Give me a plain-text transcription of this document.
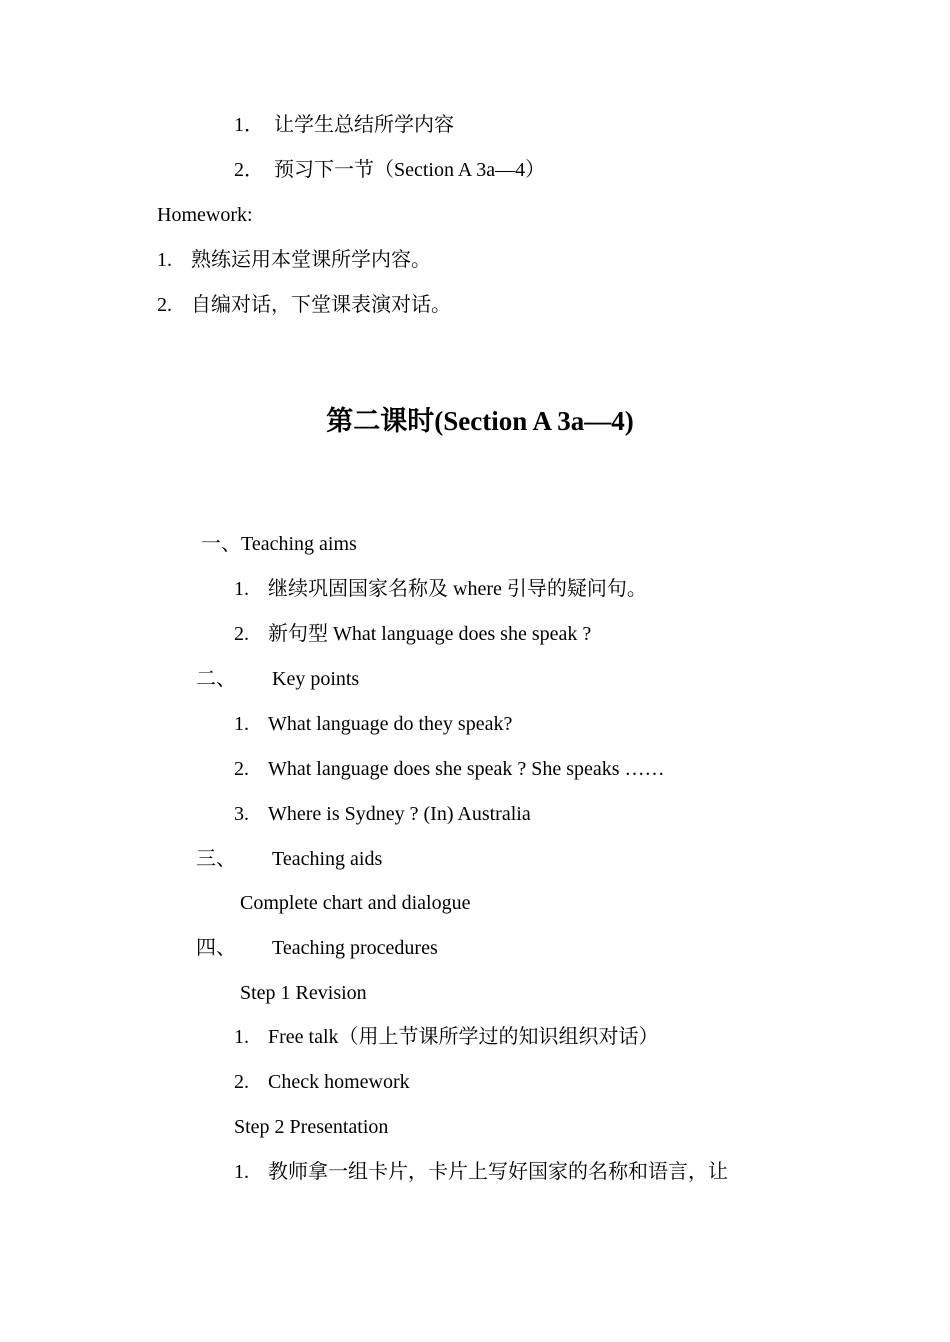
1． 让学生总结所学内容
2． 预习下一节（Section A 3a—4）
Homework:
1. 熟练运用本堂课所学内容。
2. 自编对话，下堂课表演对话。
第二课时(Section A 3a—4)
一、Teaching aims
1. 继续巩固国家名称及 where 引导的疑问句。
2. 新句型 What language does she speak ?
二、 Key points
1. What language do they speak?
2. What language does she speak ? She speaks ……
3. Where is Sydney ? (In) Australia
三、 Teaching aids
Complete chart and dialogue
四、 Teaching procedures
Step 1 Revision
1. Free talk（用上节课所学过的知识组织对话）
2. Check homework
Step 2 Presentation
1. 教师拿一组卡片，卡片上写好国家的名称和语言，让
